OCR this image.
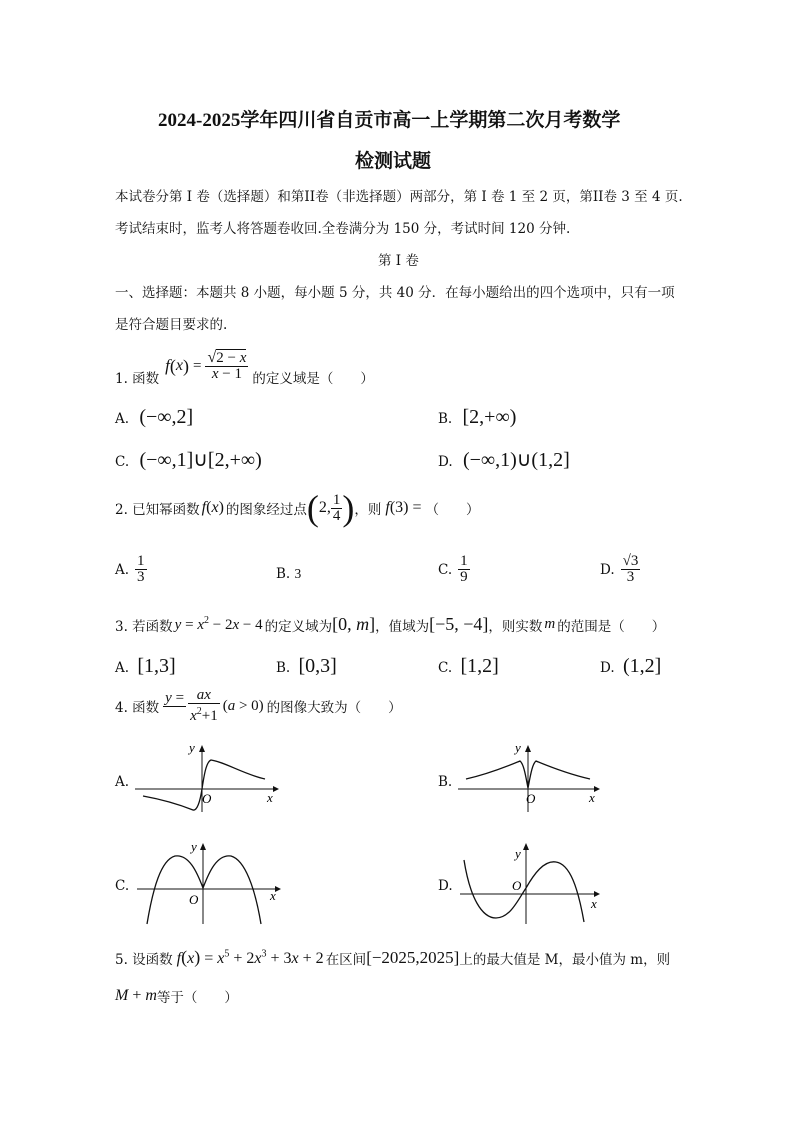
2024-2025学年四川省自贡市高一上学期第二次月考数学
检测试题
本试卷分第 I 卷（选择题）和第II卷（非选择题）两部分，第 I 卷 1 至 2 页，第II卷 3 至 4 页.
考试结束时，监考人将答题卷收回.全卷满分为 150 分，考试时间 120 分钟.
第 I 卷
一、选择题：本题共 8 小题，每小题 5 分，共 40 分．在每小题给出的四个选项中，只有一项
是符合题目要求的.
1. 函数
f ( x ) = $\frac{√2 - x}{x - 1}$ 的定义域是（　　）
A. (−∞,2]	B. [2,+∞)
C. (−∞,1]∪[2,+∞)	D. (−∞,1)∪(1,2]
2. 已知幂函数 f(x) 的图象经过点 ( 2, $\frac{1}{4}$ ) ，则 f(3) = （　　）
A. $\frac{1}{3}$	B. 3	C. $\frac{1}{9}$	D. $\frac{√3}{3}$
3. 若函数 $y = x^2 - 2x - 4$ 的定义域为 [0, m] ，值域为 [−5, −4] ，则实数 m 的范围是（　　）
A. [1,3]	B. [0,3]	C. [1,2]	D. (1,2]
4. 函数
$y = \frac{ax}{x^2+1} (a > 0)$ 的图像大致为（　　）
A.
y
O	x
B.
y
O	x
C.
y
O	x
D.
y
O
x
5. 设函数 $f(x) = x^5 + 2x^3 + 3x + 2$ 在区间 [−2025,2025] 上的最大值是 M，最小值为 m，则
M + m 等于（　　）
